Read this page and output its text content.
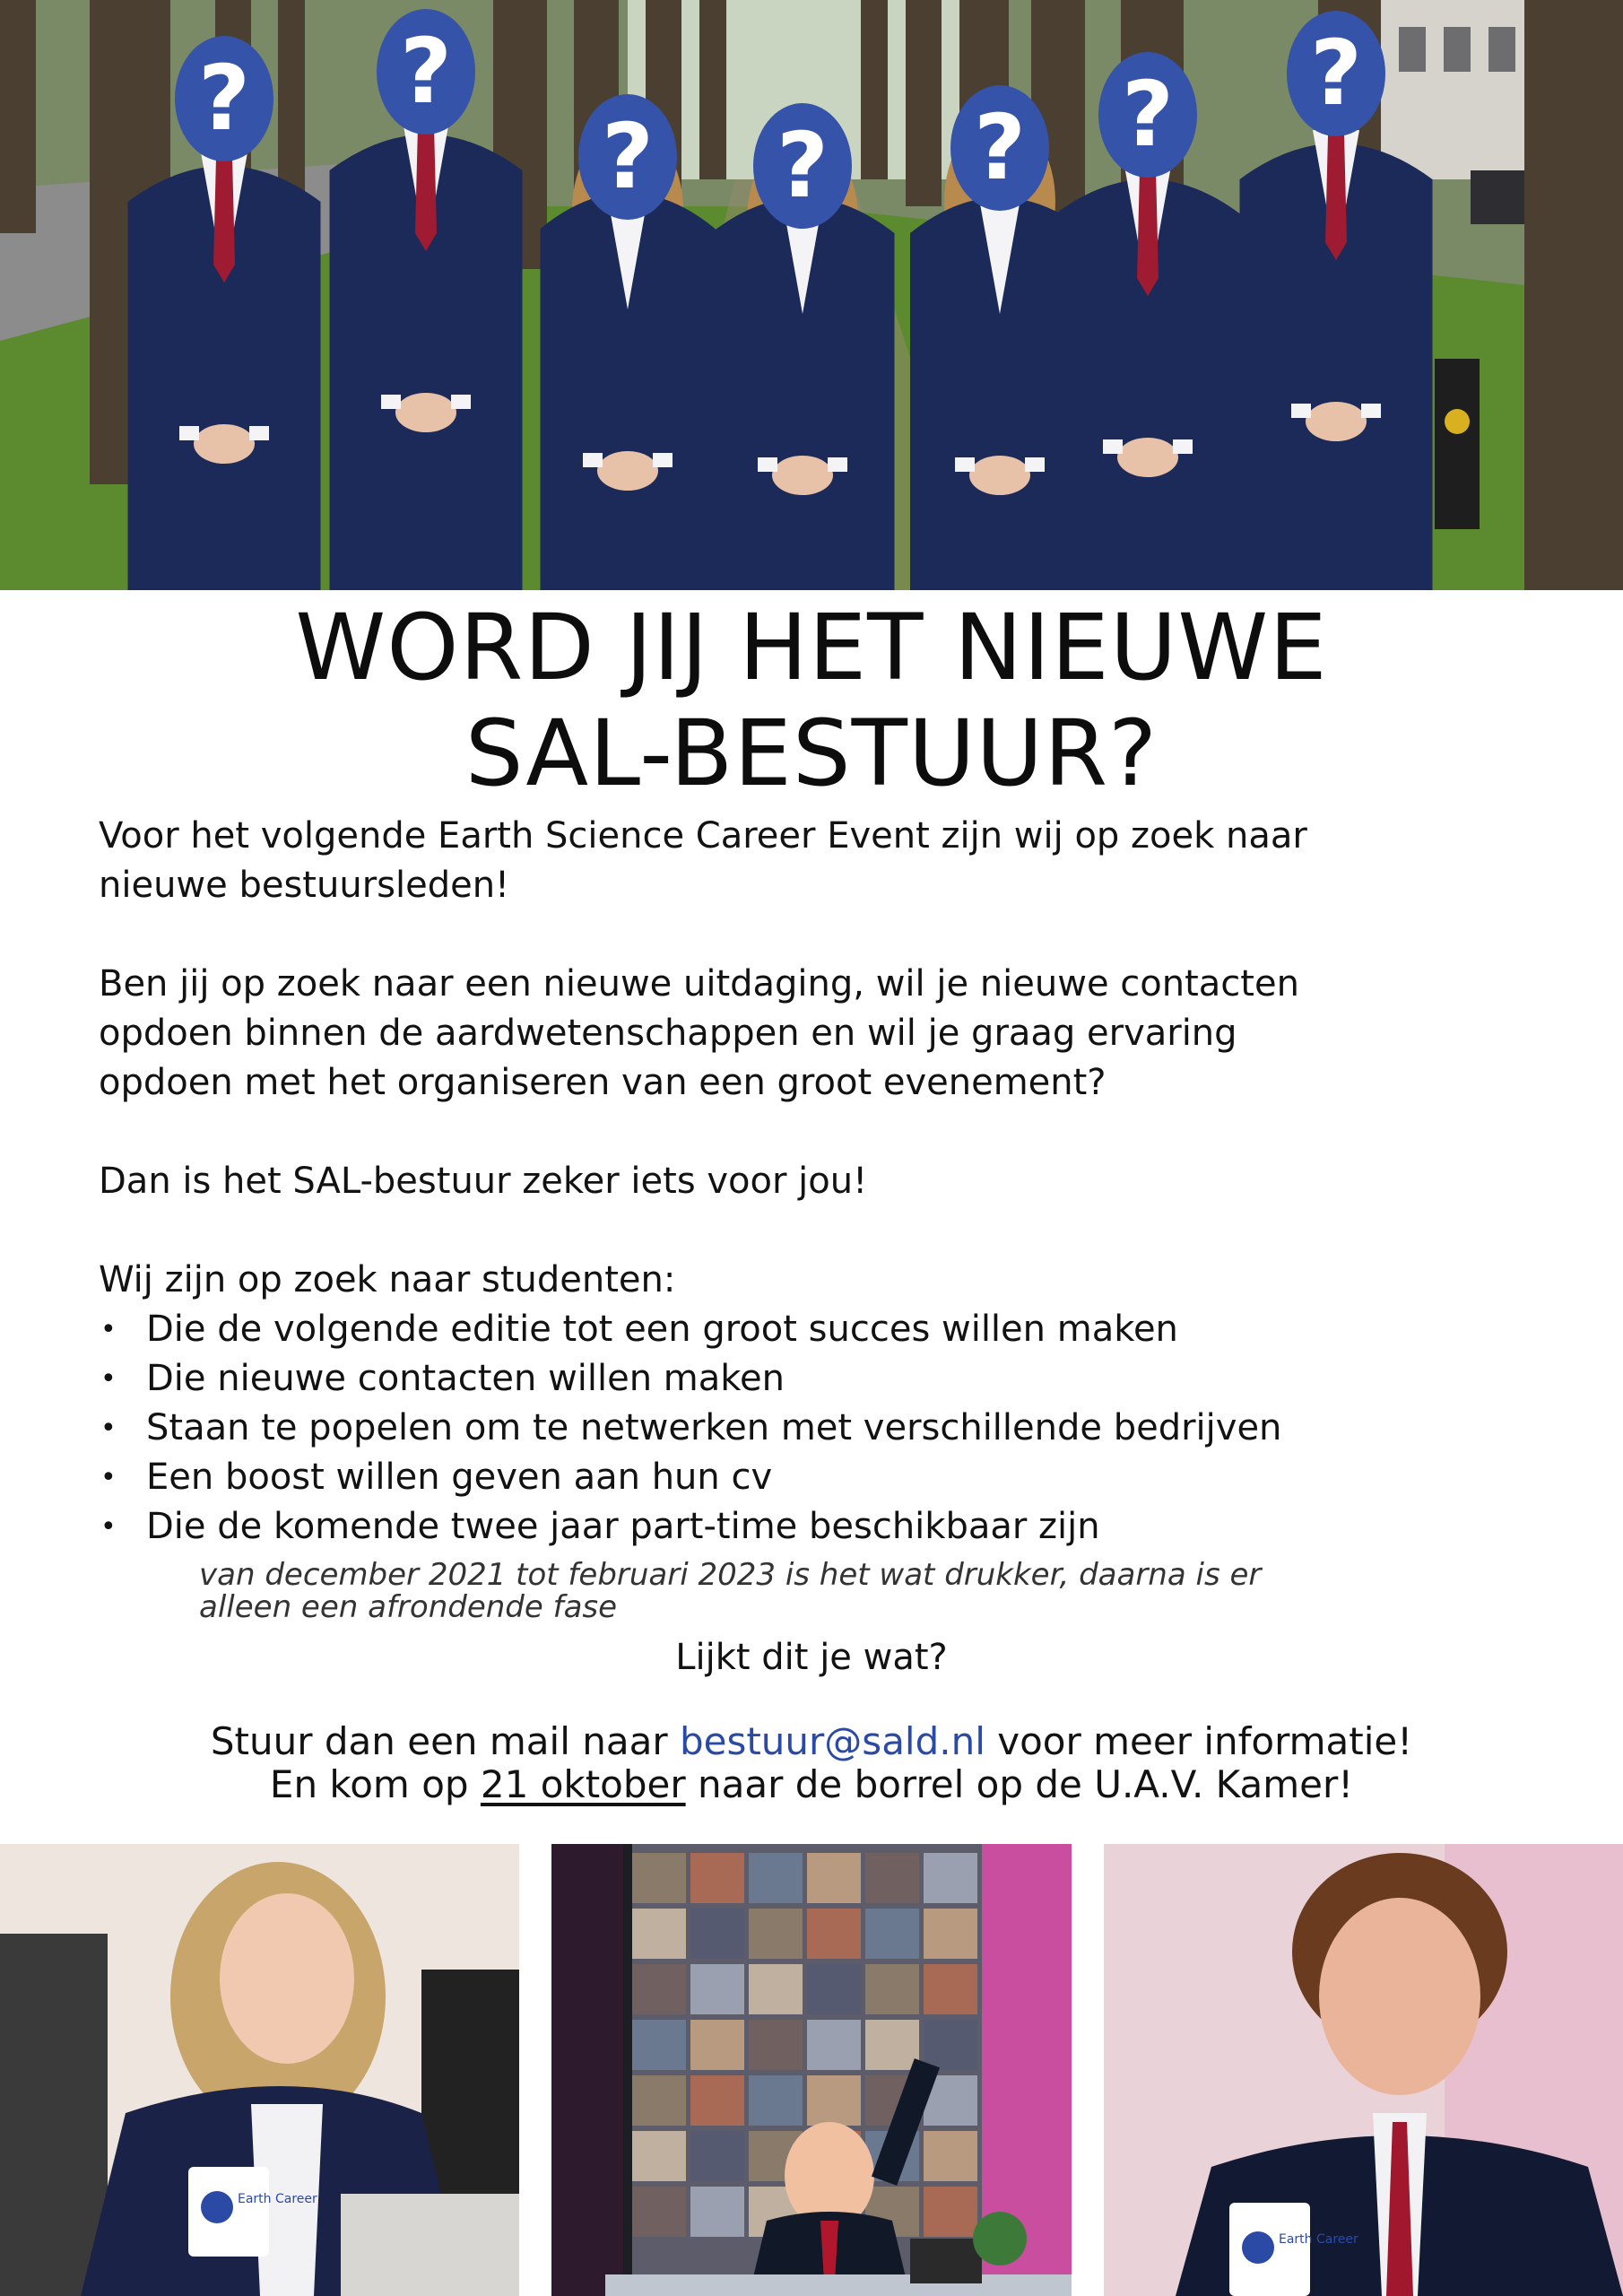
? ?
? ? ? ? ?
WORD JIJ HET NIEUWE
SAL-BESTUUR?

Voor het volgende Earth Science Career Event zijn wij op zoek naar

nieuwe bestuursleden!

Ben jij op zoek naar een nieuwe uitdaging, wil je nieuwe contacten

opdoen binnen de aardwetenschappen en wil je graag ervaring

opdoen met het organiseren van een groot evenement?

Dan is het SAL-bestuur zeker iets voor jou!

Wij zijn op zoek naar studenten:

• Die de volgende editie tot een groot succes willen maken
• Die nieuwe contacten willen maken
• Staan te popelen om te netwerken met verschillende bedrijven
• Een boost willen geven aan hun cv
• Die de komende twee jaar part-time beschikbaar zijn
van december 2021 tot februari 2023 is het wat drukker, daarna is er
alleen een afrondende fase
Lijkt dit je wat?
Stuur dan een mail naar bestuur@sald.nl voor meer informatie!
En kom op 21 oktober naar de borrel op de U.A.V. Kamer!
Earth Career
Earth Career
